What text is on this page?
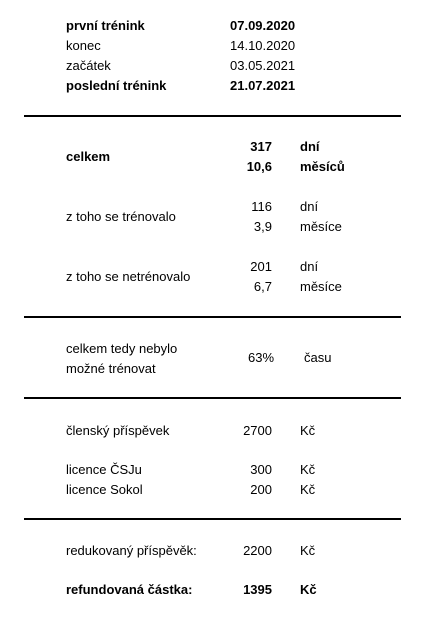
první trénink	07.09.2020
konec	14.10.2020
začátek	03.05.2021
poslední trénink	21.07.2021
celkem
317 dní
10,6 měsíců
z toho se trénovalo
116 dní
3,9 měsíce
z toho se netrénovalo
201 dní
6,7 měsíce
celkem tedy nebylo
možné trénovat
63% času
členský příspěvek	2700 Kč
licence ČSJu	300 Kč
licence Sokol	200 Kč
redukovaný příspěvěk:	2200 Kč
refundovaná částka:	1395 Kč
